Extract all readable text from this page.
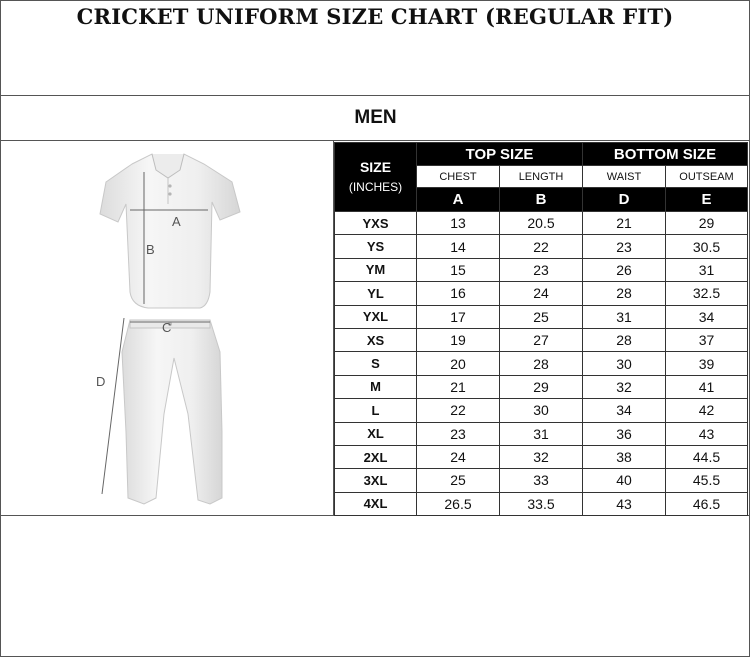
CRICKET UNIFORM SIZE CHART (REGULAR FIT)
MEN
A
B
C
D
SIZE
(INCHES)	TOP SIZE		BOTTOM SIZE	
	CHEST	LENGTH	WAIST	OUTSEAM
	A	B	D	E
YXS	13	20.5	21	29
YS	14	22	23	30.5
YM	15	23	26	31
YL	16	24	28	32.5
YXL	17	25	31	34
XS	19	27	28	37
S	20	28	30	39
M	21	29	32	41
L	22	30	34	42
XL	23	31	36	43
2XL	24	32	38	44.5
3XL	25	33	40	45.5
4XL	26.5	33.5	43	46.5
